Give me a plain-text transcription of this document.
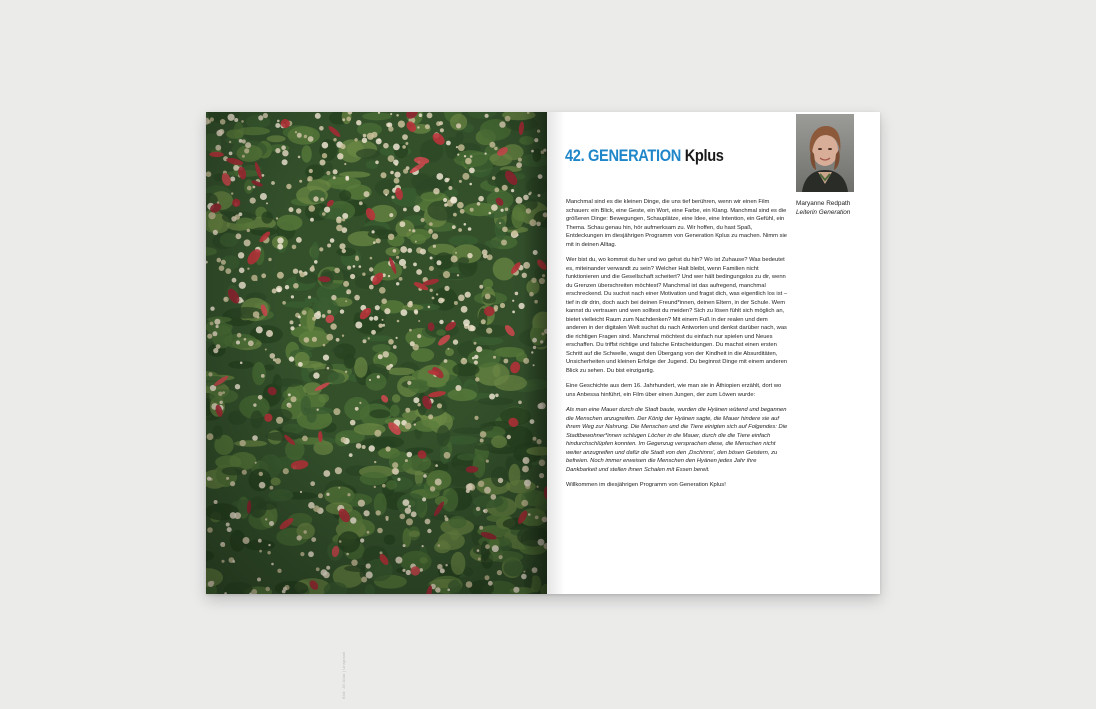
42. GENERATION Kplus
Maryanne Redpath
Leiterin Generation

Manchmal sind es die kleinen Dinge, die uns tief berühren, wenn wir einen Film schauen: ein Blick, eine Geste, ein Wort, eine Farbe, ein Klang. Manchmal sind es die größeren Dinge: Bewegungen, Schauplätze, eine Idee, eine Intention, ein Gefühl, ein Thema. Schau genau hin, hör aufmerksam zu. Wir hoffen, du hast Spaß, Entdeckungen im diesjährigen Programm von Generation Kplus zu machen. Nimm sie mit in deinen Alltag.

Wer bist du, wo kommst du her und wo gehst du hin? Wo ist Zuhause? Was bedeutet es, miteinander verwandt zu sein? Welcher Halt bleibt, wenn Familien nicht funktionieren und die Gesellschaft scheitert? Und wer hält bedingungslos zu dir, wenn du Grenzen überschreiten möchtest? Manchmal ist das aufregend, manchmal erschreckend. Du suchst nach einer Motivation und fragst dich, was eigentlich los ist – tief in dir drin, doch auch bei deinen Freund*innen, deinen Eltern, in der Schule. Wem kannst du vertrauen und wen solltest du meiden? Sich zu lösen fühlt sich möglich an, bietet vielleicht Raum zum Nachdenken? Mit einem Fuß in der realen und dem anderen in der digitalen Welt suchst du nach Antworten und denkst darüber nach, was die richtigen Fragen sind. Manchmal möchtest du einfach nur spielen und Neues erschaffen. Du triffst richtige und falsche Entscheidungen. Du machst einen ersten Schritt auf die Schwelle, wagst den Übergang von der Kindheit in die Absurditäten, Unsicherheiten und kleinen Erfolge der Jugend. Du beginnst Dinge mit einem anderen Blick zu sehen. Du bist einzigartig.

Eine Geschichte aus dem 16. Jahrhundert, wie man sie in Äthiopien erzählt, dort wo uns Anbessa hinführt, ein Film über einen Jungen, der zum Löwen wurde:

Als man eine Mauer durch die Stadt baute, wurden die Hyänen wütend und begannen die Menschen anzugreifen. Der König der Hyänen sagte, die Mauer hindere sie auf ihrem Weg zur Nahrung. Die Menschen und die Tiere einigten sich auf Folgendes: Die Stadtbewohner*innen schlugen Löcher in die Mauer, durch die die Tiere einfach hindurchschlüpfen konnten. Im Gegenzug versprachen diese, die Menschen nicht weiter anzugreifen und dafür die Stadt von den ‚Dschinns', den bösen Geistern, zu befreien. Noch immer erweisen die Menschen den Hyänen jedes Jahr ihre Dankbarkeit und stellen ihnen Schalen mit Essen bereit.

Willkommen im diesjährigen Programm von Generation Kplus!

Bild: Jill Alda | Unsplash
